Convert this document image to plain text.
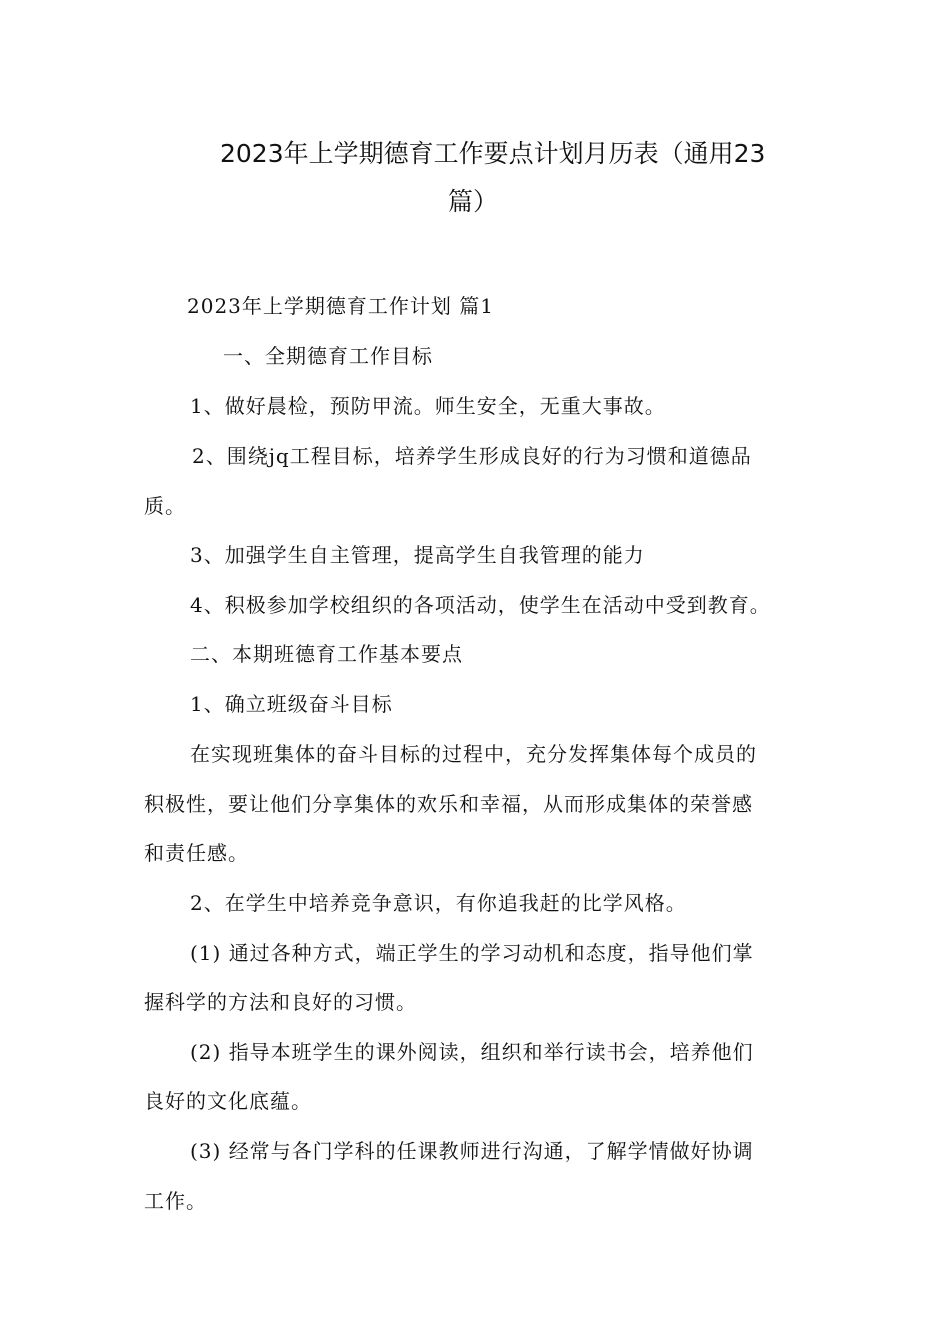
2023年上学期德育工作要点计划月历表（通用23
篇）
2023年上学期德育工作计划 篇1
一、全期德育工作目标
1、做好晨检，预防甲流。师生安全，无重大事故。
2、围绕jq工程目标，培养学生形成良好的行为习惯和道德品
质。
3、加强学生自主管理，提高学生自我管理的能力
4、积极参加学校组织的各项活动，使学生在活动中受到教育。
二、本期班德育工作基本要点
1、确立班级奋斗目标
在实现班集体的奋斗目标的过程中，充分发挥集体每个成员的
积极性，要让他们分享集体的欢乐和幸福，从而形成集体的荣誉感
和责任感。
2、在学生中培养竞争意识，有你追我赶的比学风格。
(1) 通过各种方式，端正学生的学习动机和态度，指导他们掌
握科学的方法和良好的习惯。
(2) 指导本班学生的课外阅读，组织和举行读书会，培养他们
良好的文化底蕴。
(3) 经常与各门学科的任课教师进行沟通，了解学情做好协调
工作。
